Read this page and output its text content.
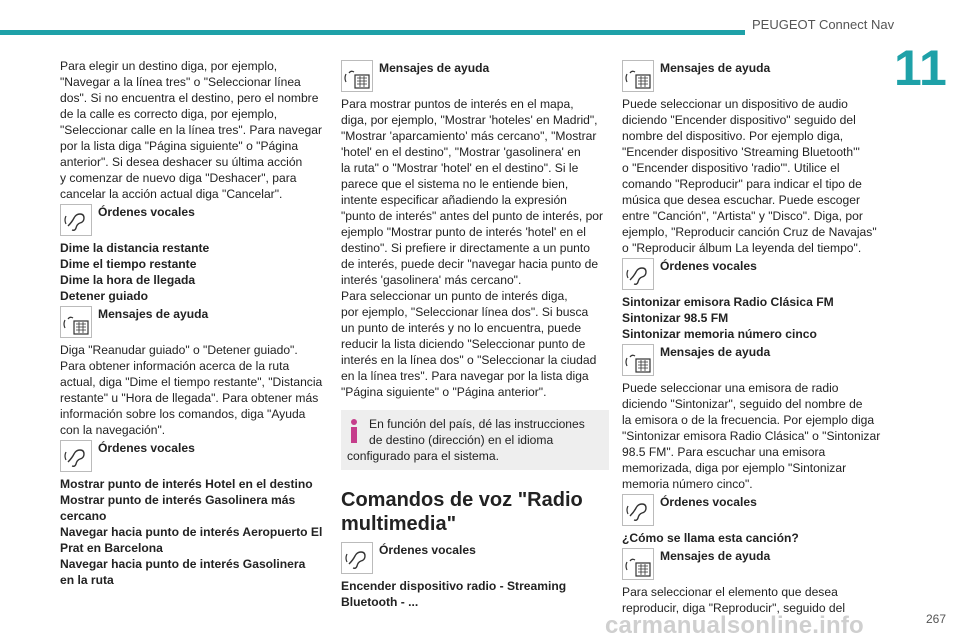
PEUGEOT Connect Nav
11

Para elegir un destino diga, por ejemplo,
"Navegar a la línea tres" o "Seleccionar línea
dos". Si no encuentra el destino, pero el nombre
de la calle es correcto diga, por ejemplo,
"Seleccionar calle en la línea tres". Para navegar
por la lista diga "Página siguiente" o "Página
anterior". Si desea deshacer su última acción
y comenzar de nuevo diga "Deshacer", para
cancelar la acción actual diga "Cancelar".

Órdenes vocales

Dime la distancia restante
Dime el tiempo restante
Dime la hora de llegada
Detener guiado

Mensajes de ayuda

Diga "Reanudar guiado" o "Detener guiado".
Para obtener información acerca de la ruta
actual, diga "Dime el tiempo restante", "Distancia
restante" u "Hora de llegada". Para obtener más
información sobre los comandos, diga "Ayuda
con la navegación".

Órdenes vocales

Mostrar punto de interés Hotel en el destino
Mostrar punto de interés Gasolinera más
cercano
Navegar hacia punto de interés Aeropuerto El
Prat en Barcelona
Navegar hacia punto de interés Gasolinera
en la ruta

Mensajes de ayuda

Para mostrar puntos de interés en el mapa,
diga, por ejemplo, "Mostrar 'hoteles' en Madrid",
"Mostrar 'aparcamiento' más cercano", "Mostrar
'hotel' en el destino", "Mostrar 'gasolinera' en
la ruta" o "Mostrar 'hotel' en el destino". Si le
parece que el sistema no le entiende bien,
intente especificar añadiendo la expresión
"punto de interés" antes del punto de interés, por
ejemplo "Mostrar punto de interés 'hotel' en el
destino". Si prefiere ir directamente a un punto
de interés, puede decir "navegar hacia punto de
interés 'gasolinera' más cercano".
Para seleccionar un punto de interés diga,
por ejemplo, "Seleccionar línea dos". Si busca
un punto de interés y no lo encuentra, puede
reducir la lista diciendo "Seleccionar punto de
interés en la línea dos" o "Seleccionar la ciudad
en la línea tres". Para navegar por la lista diga
"Página siguiente" o "Página anterior".

En función del país, dé las instrucciones
de destino (dirección) en el idioma
configurado para el sistema.
Comandos de voz "Radio
multimedia"
Órdenes vocales

Encender dispositivo radio - Streaming
Bluetooth - ...

Mensajes de ayuda

Puede seleccionar un dispositivo de audio
diciendo "Encender dispositivo" seguido del
nombre del dispositivo. Por ejemplo diga,
"Encender dispositivo 'Streaming Bluetooth'"
o "Encender dispositivo 'radio'". Utilice el
comando "Reproducir" para indicar el tipo de
música que desea escuchar. Puede escoger
entre "Canción", "Artista" y "Disco". Diga, por
ejemplo, "Reproducir canción Cruz de Navajas"
o "Reproducir álbum La leyenda del tiempo".

Órdenes vocales

Sintonizar emisora Radio Clásica FM
Sintonizar 98.5 FM
Sintonizar memoria número cinco

Mensajes de ayuda

Puede seleccionar una emisora de radio
diciendo "Sintonizar", seguido del nombre de
la emisora o de la frecuencia. Por ejemplo diga
"Sintonizar emisora Radio Clásica" o "Sintonizar
98.5 FM". Para escuchar una emisora
memorizada, diga por ejemplo "Sintonizar
memoria número cinco".

Órdenes vocales

¿Cómo se llama esta canción?

Mensajes de ayuda

Para seleccionar el elemento que desea
reproducir, diga "Reproducir", seguido del

carmanualsonline.info	267
